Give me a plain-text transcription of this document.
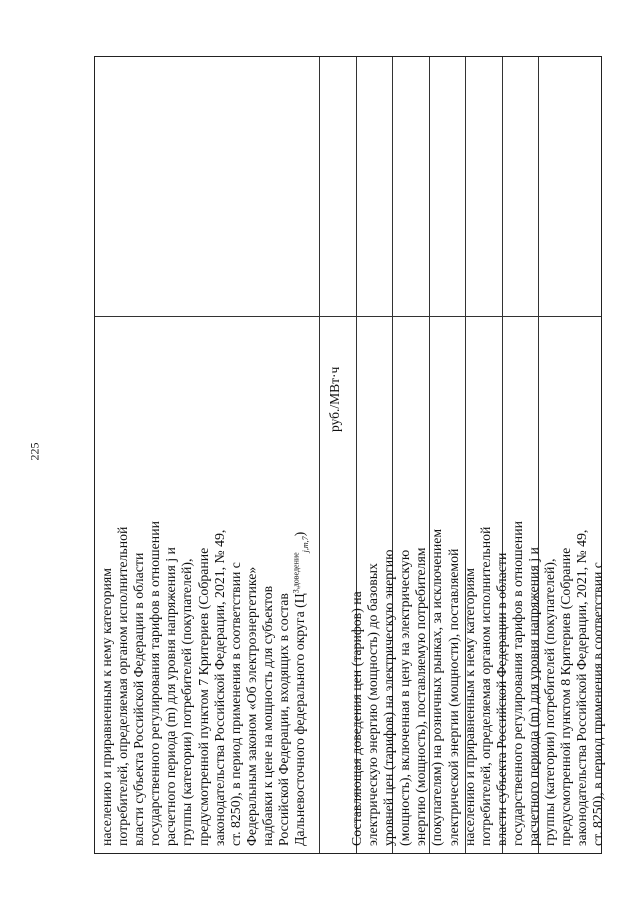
225
населению и приравненным к нему категориям потребителей, определяемая органом исполнительной власти субъекта Российской Федерации в области государственного регулирования тарифов в отношении расчетного периода (m) для уровня напряжения j и группы (категории) потребителей (покупателей), предусмотренной пунктом 7 Критериев (Собрание законодательства Российской Федерации, 2021, № 49, ст. 8250), в период применения в соответствии с Федеральным законом «Об электроэнергетике» надбавки к цене на мощность для субъектов Российской Федерации, входящих в состав Дальневосточного федерального округа $(Ц^{3,доведение}_{j,m,7})$
Составляющая доведения цен (тарифов) на электрическую энергию (мощность) до базовых уровней цен (тарифов) на электрическую энергию (мощность), включенная в цену на электрическую энергию (мощность), поставляемую потребителям (покупателям) на розничных рынках, за исключением электрической энергии (мощности), поставляемой населению и приравненным к нему категориям потребителей, определяемая органом исполнительной власти субъекта Российской Федерации в области государственного регулирования тарифов в отношении расчетного периода (m) для уровня напряжения j и группы (категории) потребителей (покупателей), предусмотренной пунктом 8 Критериев (Собрание законодательства Российской Федерации, 2021, № 49, ст. 8250), в период применения в соответствии с
руб./МВт·ч
